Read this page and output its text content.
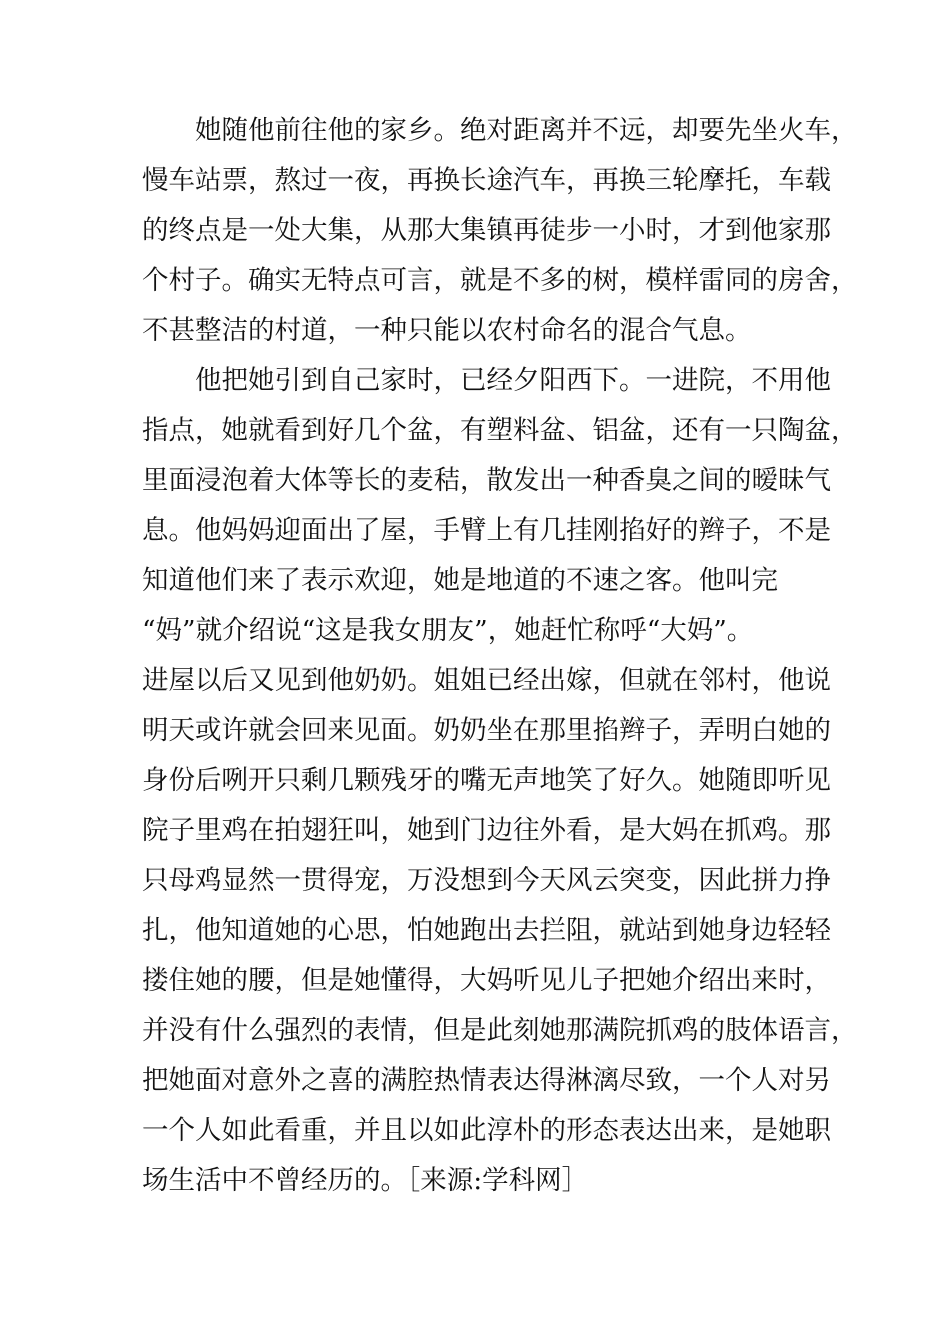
她随他前往他的家乡。绝对距离并不远，却要先坐火车，
慢车站票，熬过一夜，再换长途汽车，再换三轮摩托，车载
的终点是一处大集，从那大集镇再徒步一小时，才到他家那
个村子。确实无特点可言，就是不多的树，模样雷同的房舍，
不甚整洁的村道，一种只能以农村命名的混合气息。
他把她引到自己家时，已经夕阳西下。一进院，不用他
指点，她就看到好几个盆，有塑料盆、铝盆，还有一只陶盆，
里面浸泡着大体等长的麦秸，散发出一种香臭之间的暧昧气
息。他妈妈迎面出了屋，手臂上有几挂刚掐好的辫子，不是
知道他们来了表示欢迎，她是地道的不速之客。他叫完
“妈”就介绍说“这是我女朋友”，她赶忙称呼“大妈”。
进屋以后又见到他奶奶。姐姐已经出嫁，但就在邻村，他说
明天或许就会回来见面。奶奶坐在那里掐辫子，弄明白她的
身份后咧开只剩几颗残牙的嘴无声地笑了好久。她随即听见
院子里鸡在拍翅狂叫，她到门边往外看，是大妈在抓鸡。那
只母鸡显然一贯得宠，万没想到今天风云突变，因此拼力挣
扎，他知道她的心思，怕她跑出去拦阻，就站到她身边轻轻
搂住她的腰，但是她懂得，大妈听见儿子把她介绍出来时，
并没有什么强烈的表情，但是此刻她那满院抓鸡的肢体语言，
把她面对意外之喜的满腔热情表达得淋漓尽致，一个人对另
一个人如此看重，并且以如此淳朴的形态表达出来，是她职
场生活中不曾经历的。［来源:学科网］
